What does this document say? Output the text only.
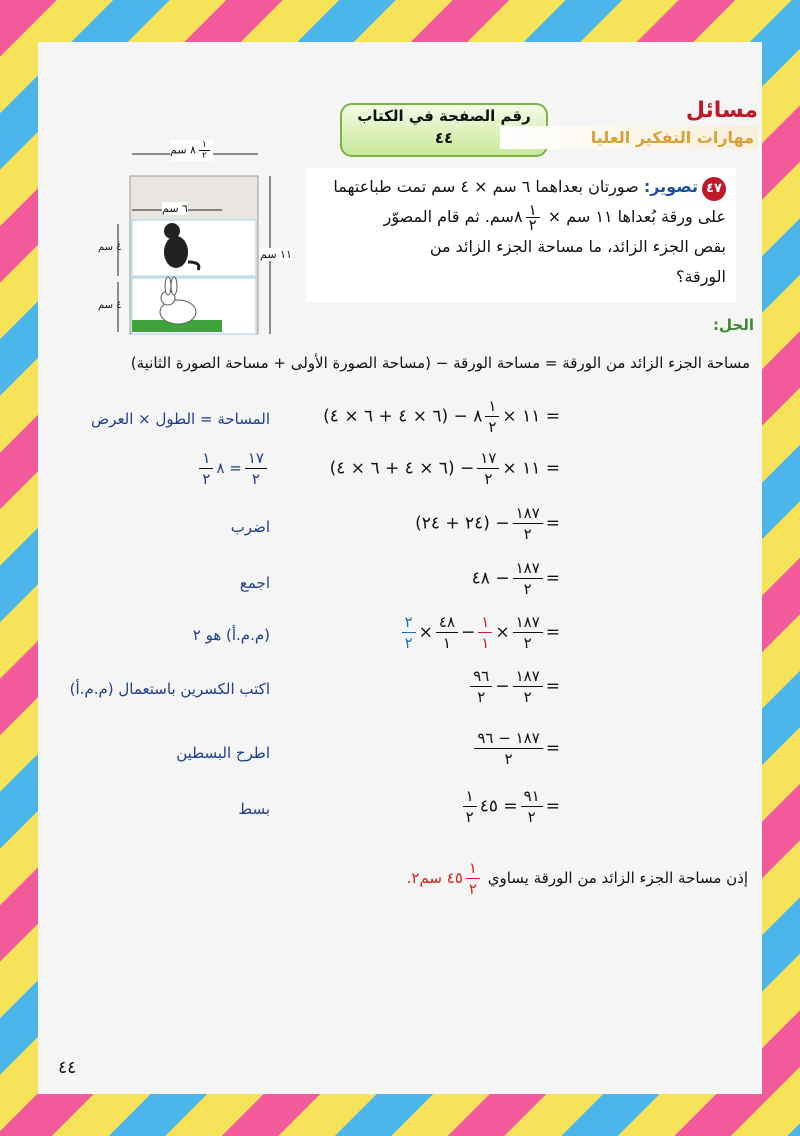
رقم الصفحة في الكتاب
٤٤
مسائل
مهارات التفكير العليا
$\frac{١}{٢}$
٨ سم
٦ سم
٤ سم
٤ سم
١١ سم
٤٧تصوير: صورتان بعداهما ٦ سم × ٤ سم تمت طباعتهما
على ورقة بُعداها ١١ سم ×
$\frac{١}{٢}$
٨سم. ثم قام المصوّر
بقص الجزء الزائد، ما مساحة الجزء الزائد من
الورقة؟
الحل:
مساحة الجزء الزائد من الورقة = مساحة الورقة − (مساحة الصورة الأولى + مساحة الصورة الثانية)
= ١١ ×
$\frac{١}{٢}$
٨ − (٦ × ٤ + ٦ × ٤)
المساحة = الطول × العرض
= ١١ ×
$\frac{١٧}{٢}$
− (٦ × ٤ + ٦ × ٤)
$\frac{١٧}{٢}$
= ٨
$\frac{١}{٢}$
=
$\frac{١٨٧}{٢}$
− (٢٤ + ٢٤)
اضرب
=
$\frac{١٨٧}{٢}$
− ٤٨
اجمع
=
$\frac{١٨٧}{٢}$
×
$\frac{١}{١}$
−
$\frac{٤٨}{١}$
×
$\frac{٢}{٢}$
(م.م.أ) هو ٢
=
$\frac{١٨٧}{٢}$
−
$\frac{٩٦}{٢}$
اكتب الكسرين باستعمال (م.م.أ)
=
$\frac{١٨٧ - ٩٦}{٢}$
اطرح البسطين
=
$\frac{٩١}{٢}$
= ٤٥
$\frac{١}{٢}$
بسط
إذن مساحة الجزء الزائد من الورقة يساوي
$\frac{١}{٢}$
٤٥ سم٢.
٤٤
